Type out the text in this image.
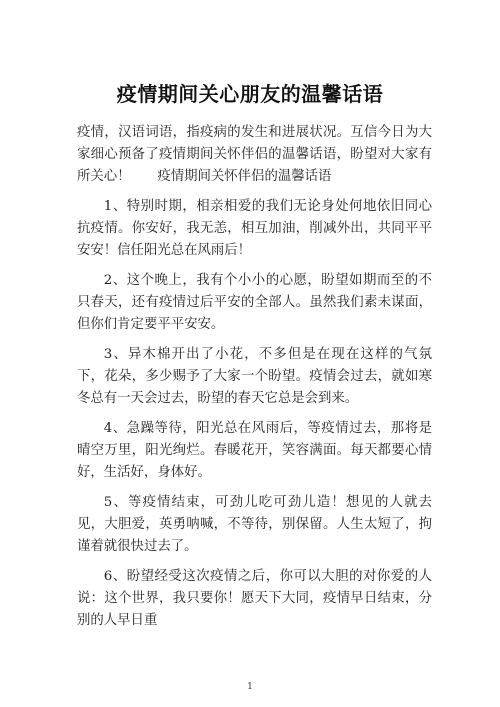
疫情期间关心朋友的温馨话语

疫情，汉语词语，指疫病的发生和进展状况。互信今日为大家细心预备了疫情期间关怀伴侣的温馨话语，盼望对大家有所关心！　　疫情期间关怀伴侣的温馨话语

1、特别时期，相亲相爱的我们无论身处何地依旧同心抗疫情。你安好，我无恙，相互加油，削减外出，共同平平安安！信任阳光总在风雨后！

2、这个晚上，我有个小小的心愿，盼望如期而至的不只春天，还有疫情过后平安的全部人。虽然我们素未谋面，但你们肯定要平平安安。

3、异木棉开出了小花，不多但是在现在这样的气氛下，花朵，多少赐予了大家一个盼望。疫情会过去，就如寒冬总有一天会过去，盼望的春天它总是会到来。

4、急躁等待，阳光总在风雨后，等疫情过去，那将是晴空万里，阳光绚烂。春暖花开，笑容满面。每天都要心情好，生活好，身体好。

5、等疫情结束，可劲儿吃可劲儿造！想见的人就去见，大胆爱，英勇呐喊，不等待，别保留。人生太短了，拘谨着就很快过去了。

6、盼望经受这次疫情之后，你可以大胆的对你爱的人说：这个世界，我只要你！愿天下大同，疫情早日结束，分别的人早日重

1
